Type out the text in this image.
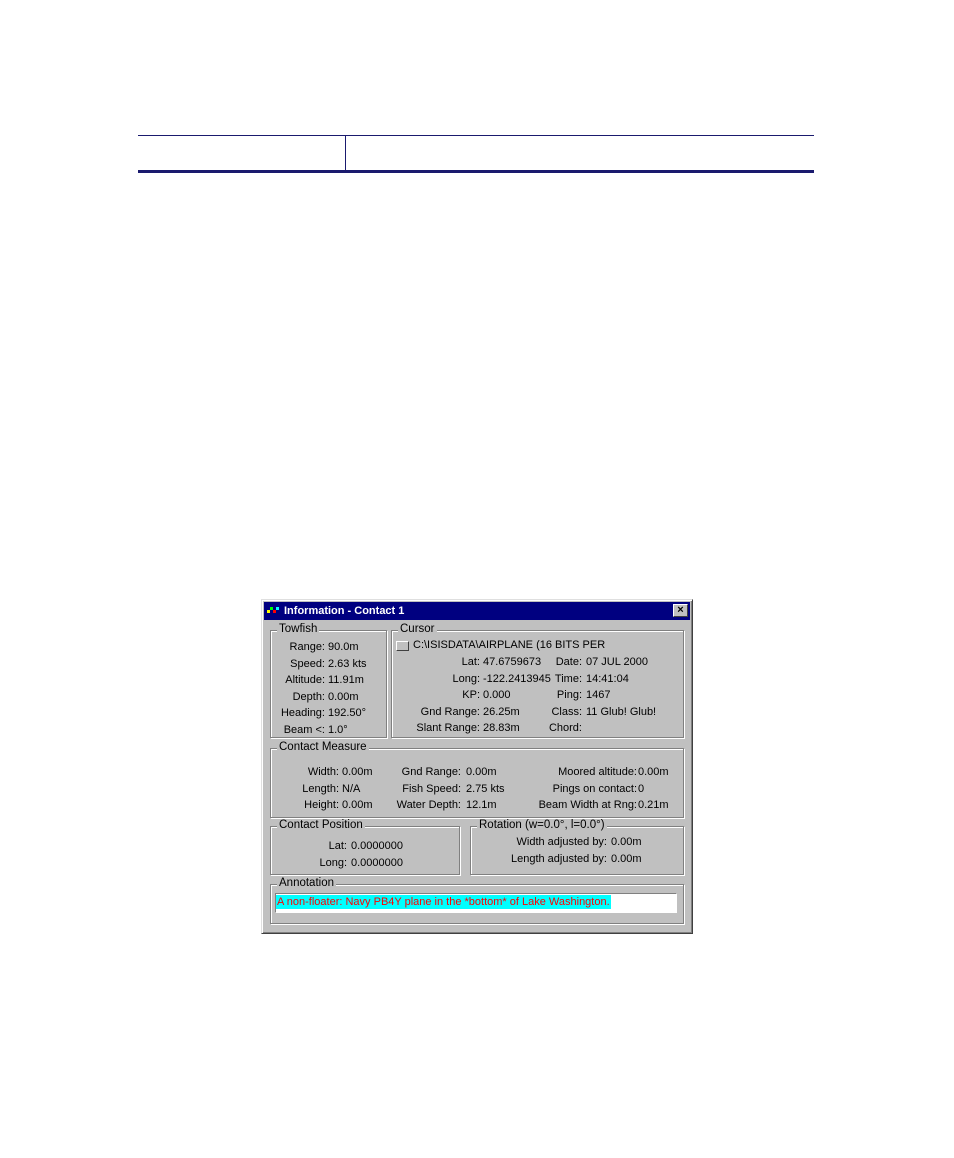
Information - Contact 1	×
Towfish
Range: 90.0m
Speed: 2.63 kts
Altitude: 11.91m
Depth: 0.00m
Heading: 192.50°
Beam <: 1.0°
Cursor
C:\ISISDATA\AIRPLANE (16 BITS PER
Lat: 47.6759673
Long: -122.2413945
KP: 0.000
Gnd Range: 26.25m
Slant Range: 28.83m
Date: 07 JUL 2000
Time: 14:41:04
Ping: 1467
Class: 11 Glub! Glub!
Chord:
Contact Measure
Width: 0.00m
Length: N/A
Height: 0.00m
Gnd Range: 0.00m
Fish Speed: 2.75 kts
Water Depth: 12.1m
Moored altitude: 0.00m
Pings on contact: 0
Beam Width at Rng: 0.21m
Contact Position
Lat: 0.0000000
Long: 0.0000000
Rotation (w=0.0°, l=0.0°)
Width adjusted by: 0.00m
Length adjusted by: 0.00m
Annotation
A non-floater: Navy PB4Y plane in the *bottom* of Lake Washington.
